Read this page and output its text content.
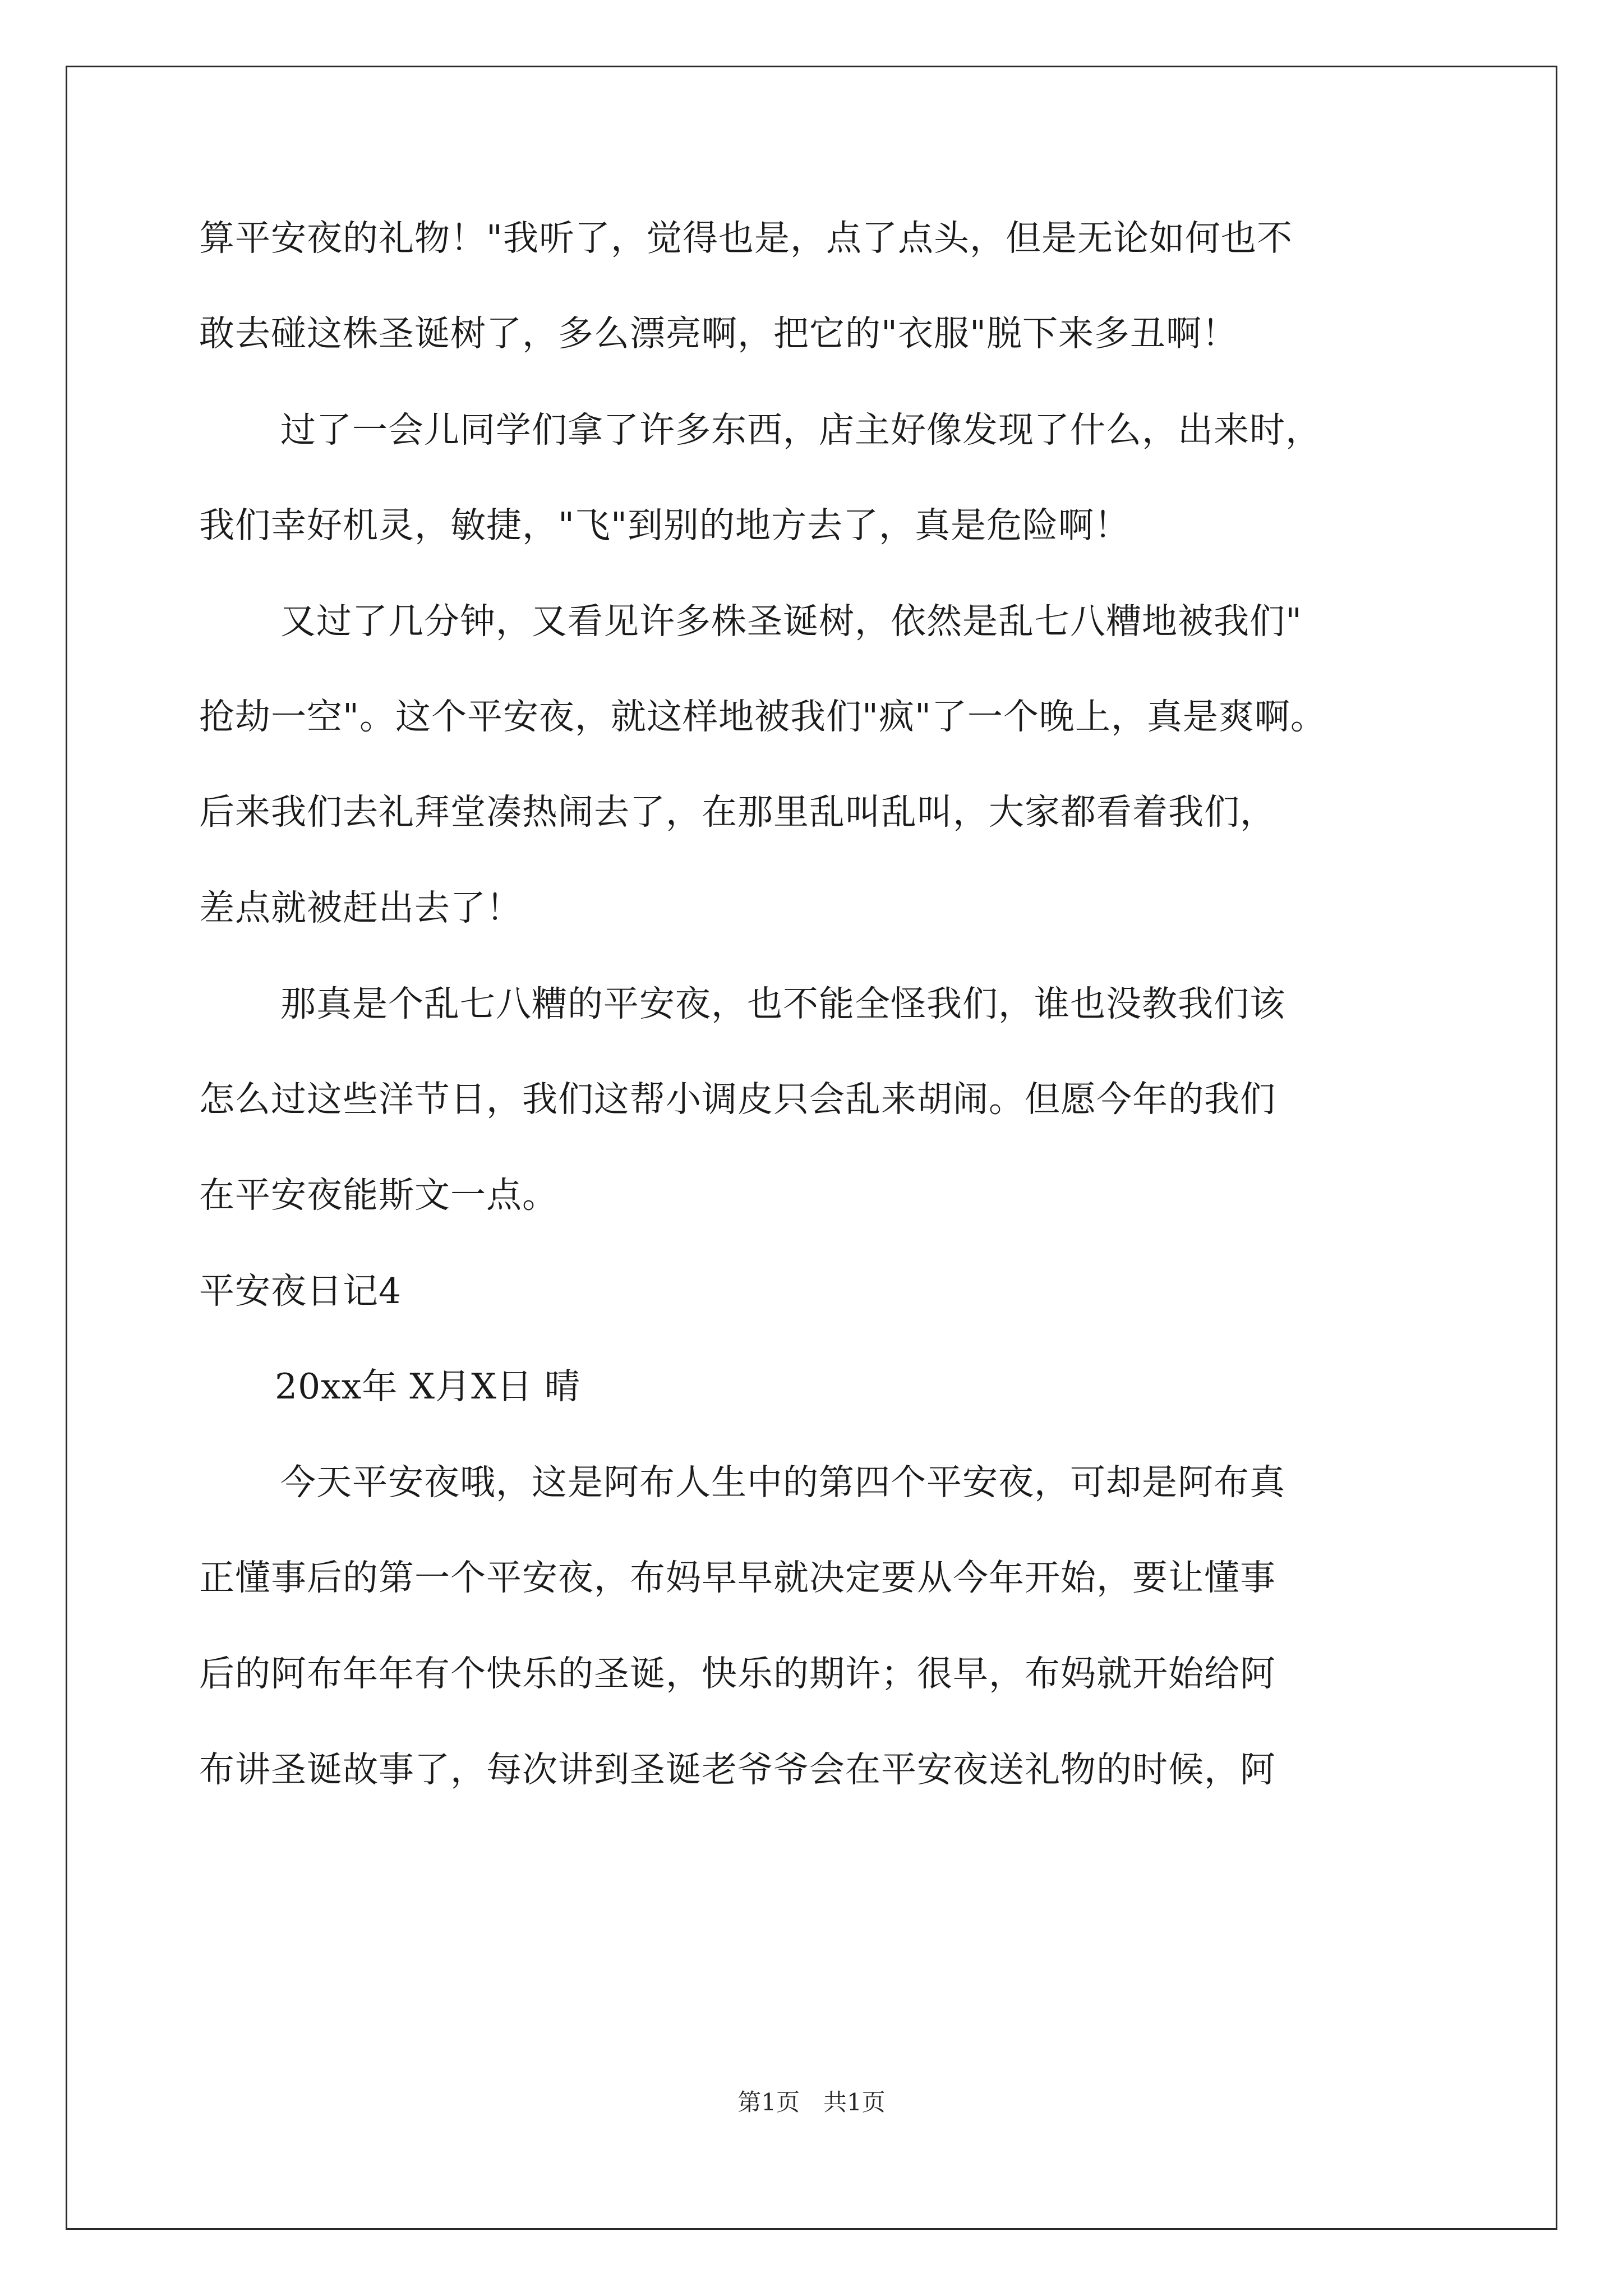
算平安夜的礼物！"我听了，觉得也是，点了点头，但是无论如何也不
敢去碰这株圣诞树了，多么漂亮啊，把它的"衣服"脱下来多丑啊！
过了一会儿同学们拿了许多东西，店主好像发现了什么，出来时，
我们幸好机灵，敏捷，"飞"到别的地方去了，真是危险啊！
又过了几分钟，又看见许多株圣诞树，依然是乱七八糟地被我们"
抢劫一空"。这个平安夜，就这样地被我们"疯"了一个晚上，真是爽啊。
后来我们去礼拜堂凑热闹去了，在那里乱叫乱叫，大家都看着我们，
差点就被赶出去了！
那真是个乱七八糟的平安夜，也不能全怪我们，谁也没教我们该
怎么过这些洋节日，我们这帮小调皮只会乱来胡闹。但愿今年的我们
在平安夜能斯文一点。
平安夜日记4
20xx年 X月X日 晴
今天平安夜哦，这是阿布人生中的第四个平安夜，可却是阿布真
正懂事后的第一个平安夜，布妈早早就决定要从今年开始，要让懂事
后的阿布年年有个快乐的圣诞，快乐的期许；很早，布妈就开始给阿
布讲圣诞故事了，每次讲到圣诞老爷爷会在平安夜送礼物的时候，阿
第1页　共1页
